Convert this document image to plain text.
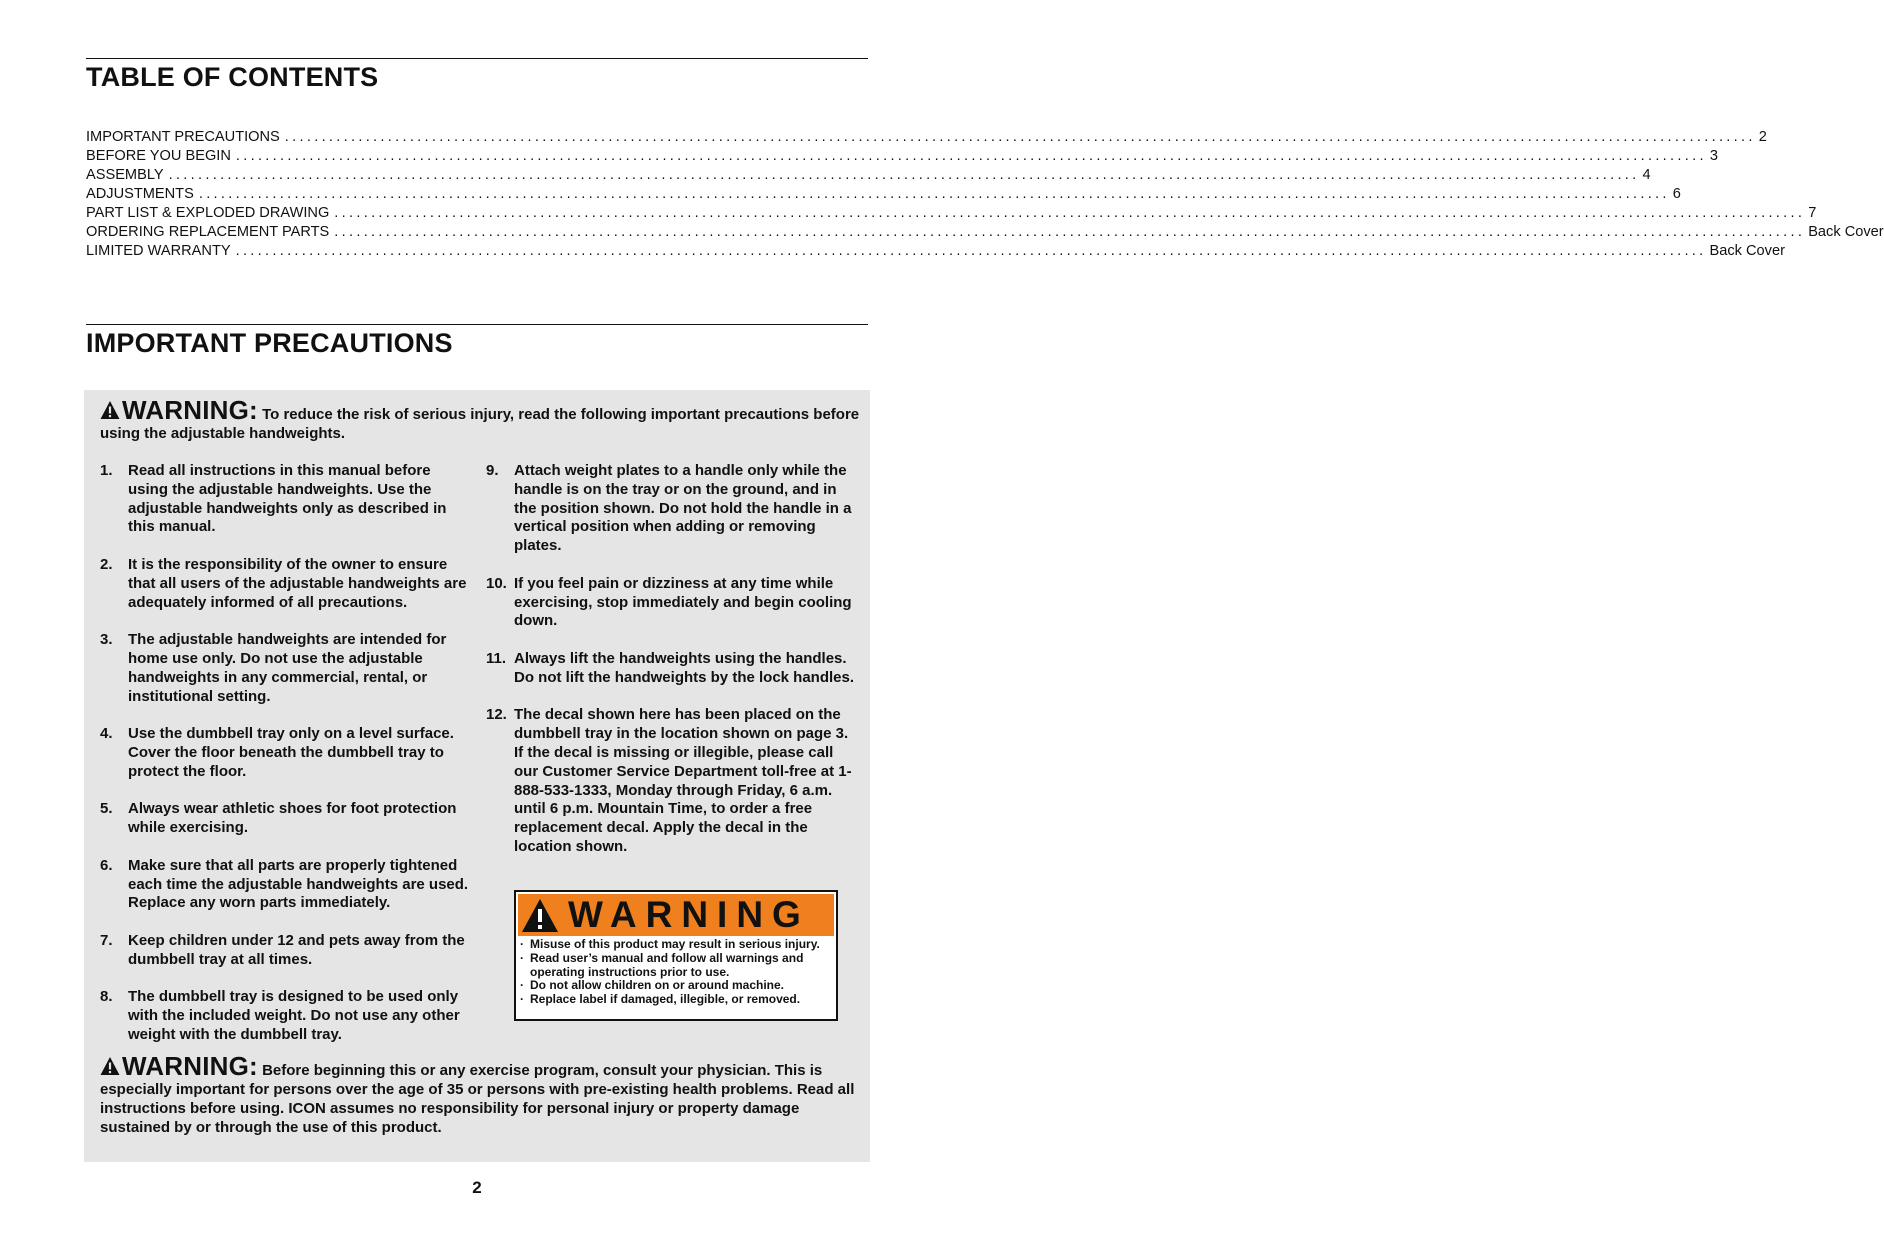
TABLE OF CONTENTS
IMPORTANT PRECAUTIONS ........................................................................................................................................................................................................ 2
BEFORE YOU BEGIN ........................................................................................................................................................................................................ 3
ASSEMBLY ........................................................................................................................................................................................................ 4
ADJUSTMENTS ........................................................................................................................................................................................................ 6
PART LIST & EXPLODED DRAWING ........................................................................................................................................................................................................ 7
ORDERING REPLACEMENT PARTS ........................................................................................................................................................................................................ Back Cover
LIMITED WARRANTY ........................................................................................................................................................................................................ Back Cover
IMPORTANT PRECAUTIONS
WARNING: To reduce the risk of serious injury, read the following important precautions before using the adjustable handweights.
1.	Read all instructions in this manual before using the adjustable handweights. Use the adjustable handweights only as described in this manual.
2.	It is the responsibility of the owner to ensure that all users of the adjustable handweights are adequately informed of all precautions.
3.	The adjustable handweights are intended for home use only. Do not use the adjustable handweights in any commercial, rental, or institutional setting.
4.	Use the dumbbell tray only on a level surface. Cover the floor beneath the dumbbell tray to protect the floor.
5.	Always wear athletic shoes for foot protection while exercising.
6.	Make sure that all parts are properly tightened each time the adjustable handweights are used. Replace any worn parts immediately.
7.	Keep children under 12 and pets away from the dumbbell tray at all times.
8.	The dumbbell tray is designed to be used only with the included weight. Do not use any other weight with the dumbbell tray.
9.	Attach weight plates to a handle only while the handle is on the tray or on the ground, and in the position shown. Do not hold the handle in a vertical position when adding or removing plates.
10. If you feel pain or dizziness at any time while exercising, stop immediately and begin cooling down.
11. Always lift the handweights using the handles. Do not lift the handweights by the lock handles.
12. The decal shown here has been placed on the dumbbell tray in the location shown on page 3. If the decal is missing or illegible, please call our Customer Service Department toll-free at 1-888-533-1333, Monday through Friday, 6 a.m. until 6 p.m. Mountain Time, to order a free replacement decal. Apply the decal in the location shown.
WARNING
· Misuse of this product may result in serious injury.
· Read user’s manual and follow all warnings and operating instructions prior to use.
· Do not allow children on or around machine.
· Replace label if damaged, illegible, or removed.
WARNING: Before beginning this or any exercise program, consult your physician. This is especially important for persons over the age of 35 or persons with pre-existing health problems. Read all instructions before using. ICON assumes no responsibility for personal injury or property damage sustained by or through the use of this product.
2
